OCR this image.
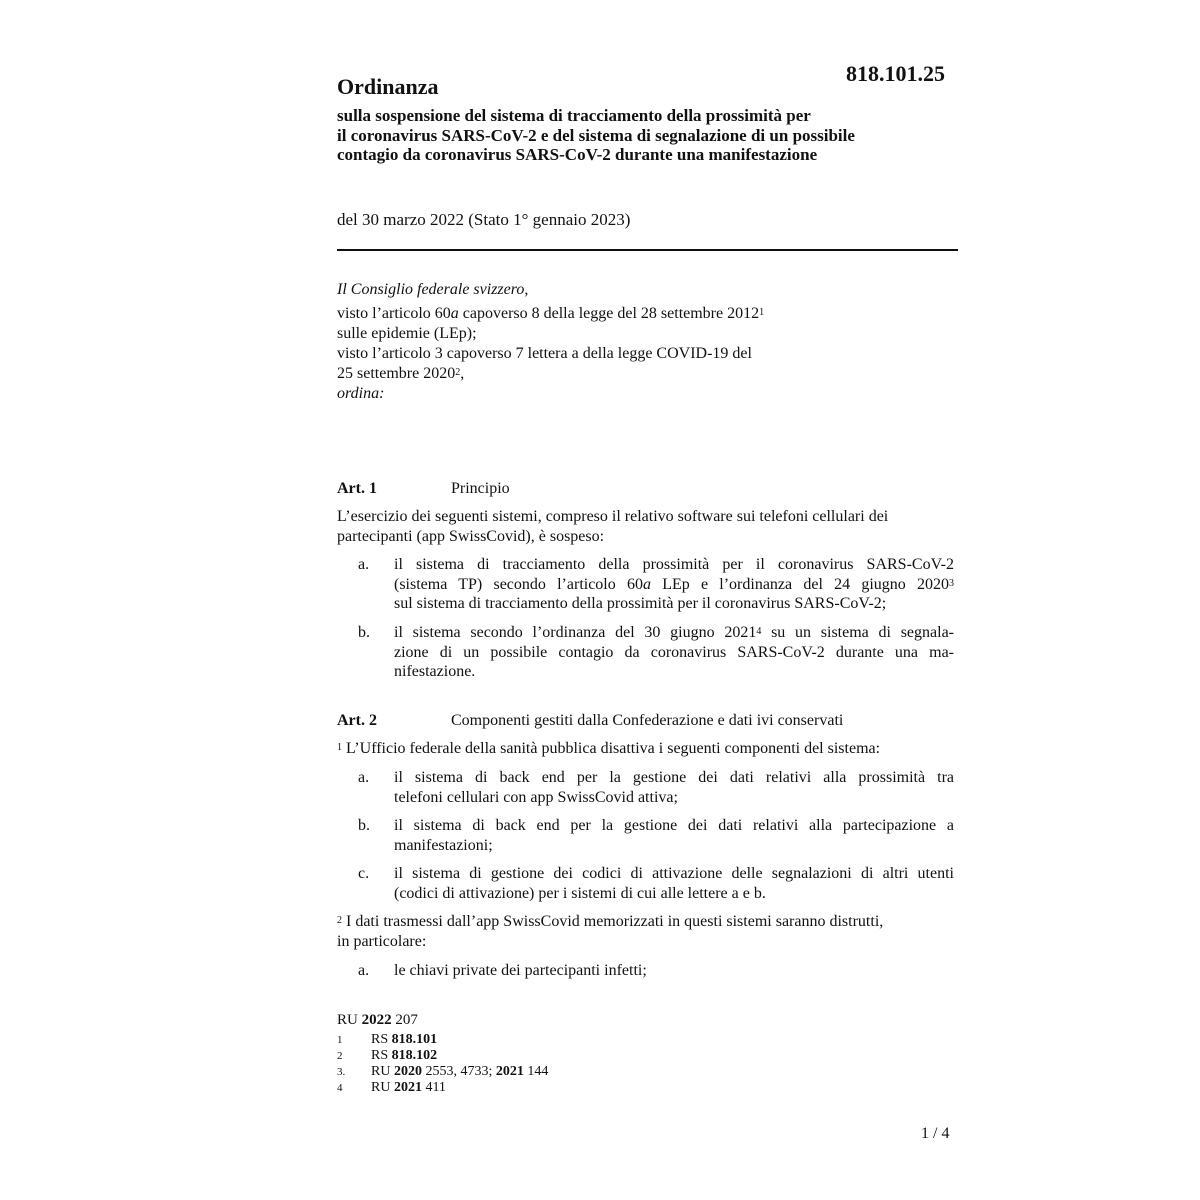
818.101.25
Ordinanza
sulla sospensione del sistema di tracciamento della prossimità per
il coronavirus SARS-CoV-2 e del sistema di segnalazione di un possibile
contagio da coronavirus SARS-CoV-2 durante una manifestazione
del 30 marzo 2022 (Stato 1° gennaio 2023)
Il Consiglio federale svizzero,
visto l’articolo 60a capoverso 8 della legge del 28 settembre 2012$^1$
sulle epidemie (LEp);
visto l’articolo 3 capoverso 7 lettera a della legge COVID-19 del
25 settembre 2020$^2$,
ordina:
Art. 1	Principio
L’esercizio dei seguenti sistemi, compreso il relativo software sui telefoni cellulari dei
partecipanti (app SwissCovid), è sospeso:
a. il sistema di tracciamento della prossimità per il coronavirus SARS-CoV-2
(sistema TP) secondo l’articolo 60a LEp e l’ordinanza del 24 giugno 2020$^3$
sul sistema di tracciamento della prossimità per il coronavirus SARS-CoV-2;
b. il sistema secondo l’ordinanza del 30 giugno 2021$^4$ su un sistema di segnala-
zione di un possibile contagio da coronavirus SARS-CoV-2 durante una ma-
nifestazione.
Art. 2	Componenti gestiti dalla Confederazione e dati ivi conservati
$^1$ L’Ufficio federale della sanità pubblica disattiva i seguenti componenti del sistema:
a. il sistema di back end per la gestione dei dati relativi alla prossimità tra
telefoni cellulari con app SwissCovid attiva;
b. il sistema di back end per la gestione dei dati relativi alla partecipazione a
manifestazioni;
c. il sistema di gestione dei codici di attivazione delle segnalazioni di altri utenti
(codici di attivazione) per i sistemi di cui alle lettere a e b.
$^2$ I dati trasmessi dall’app SwissCovid memorizzati in questi sistemi saranno distrutti,
in particolare:
a. le chiavi private dei partecipanti infetti;
RU 2022 207
1 RS 818.101
2 RS 818.102
3. RU 2020 2553, 4733; 2021 144
4 RU 2021 411
1 / 4
